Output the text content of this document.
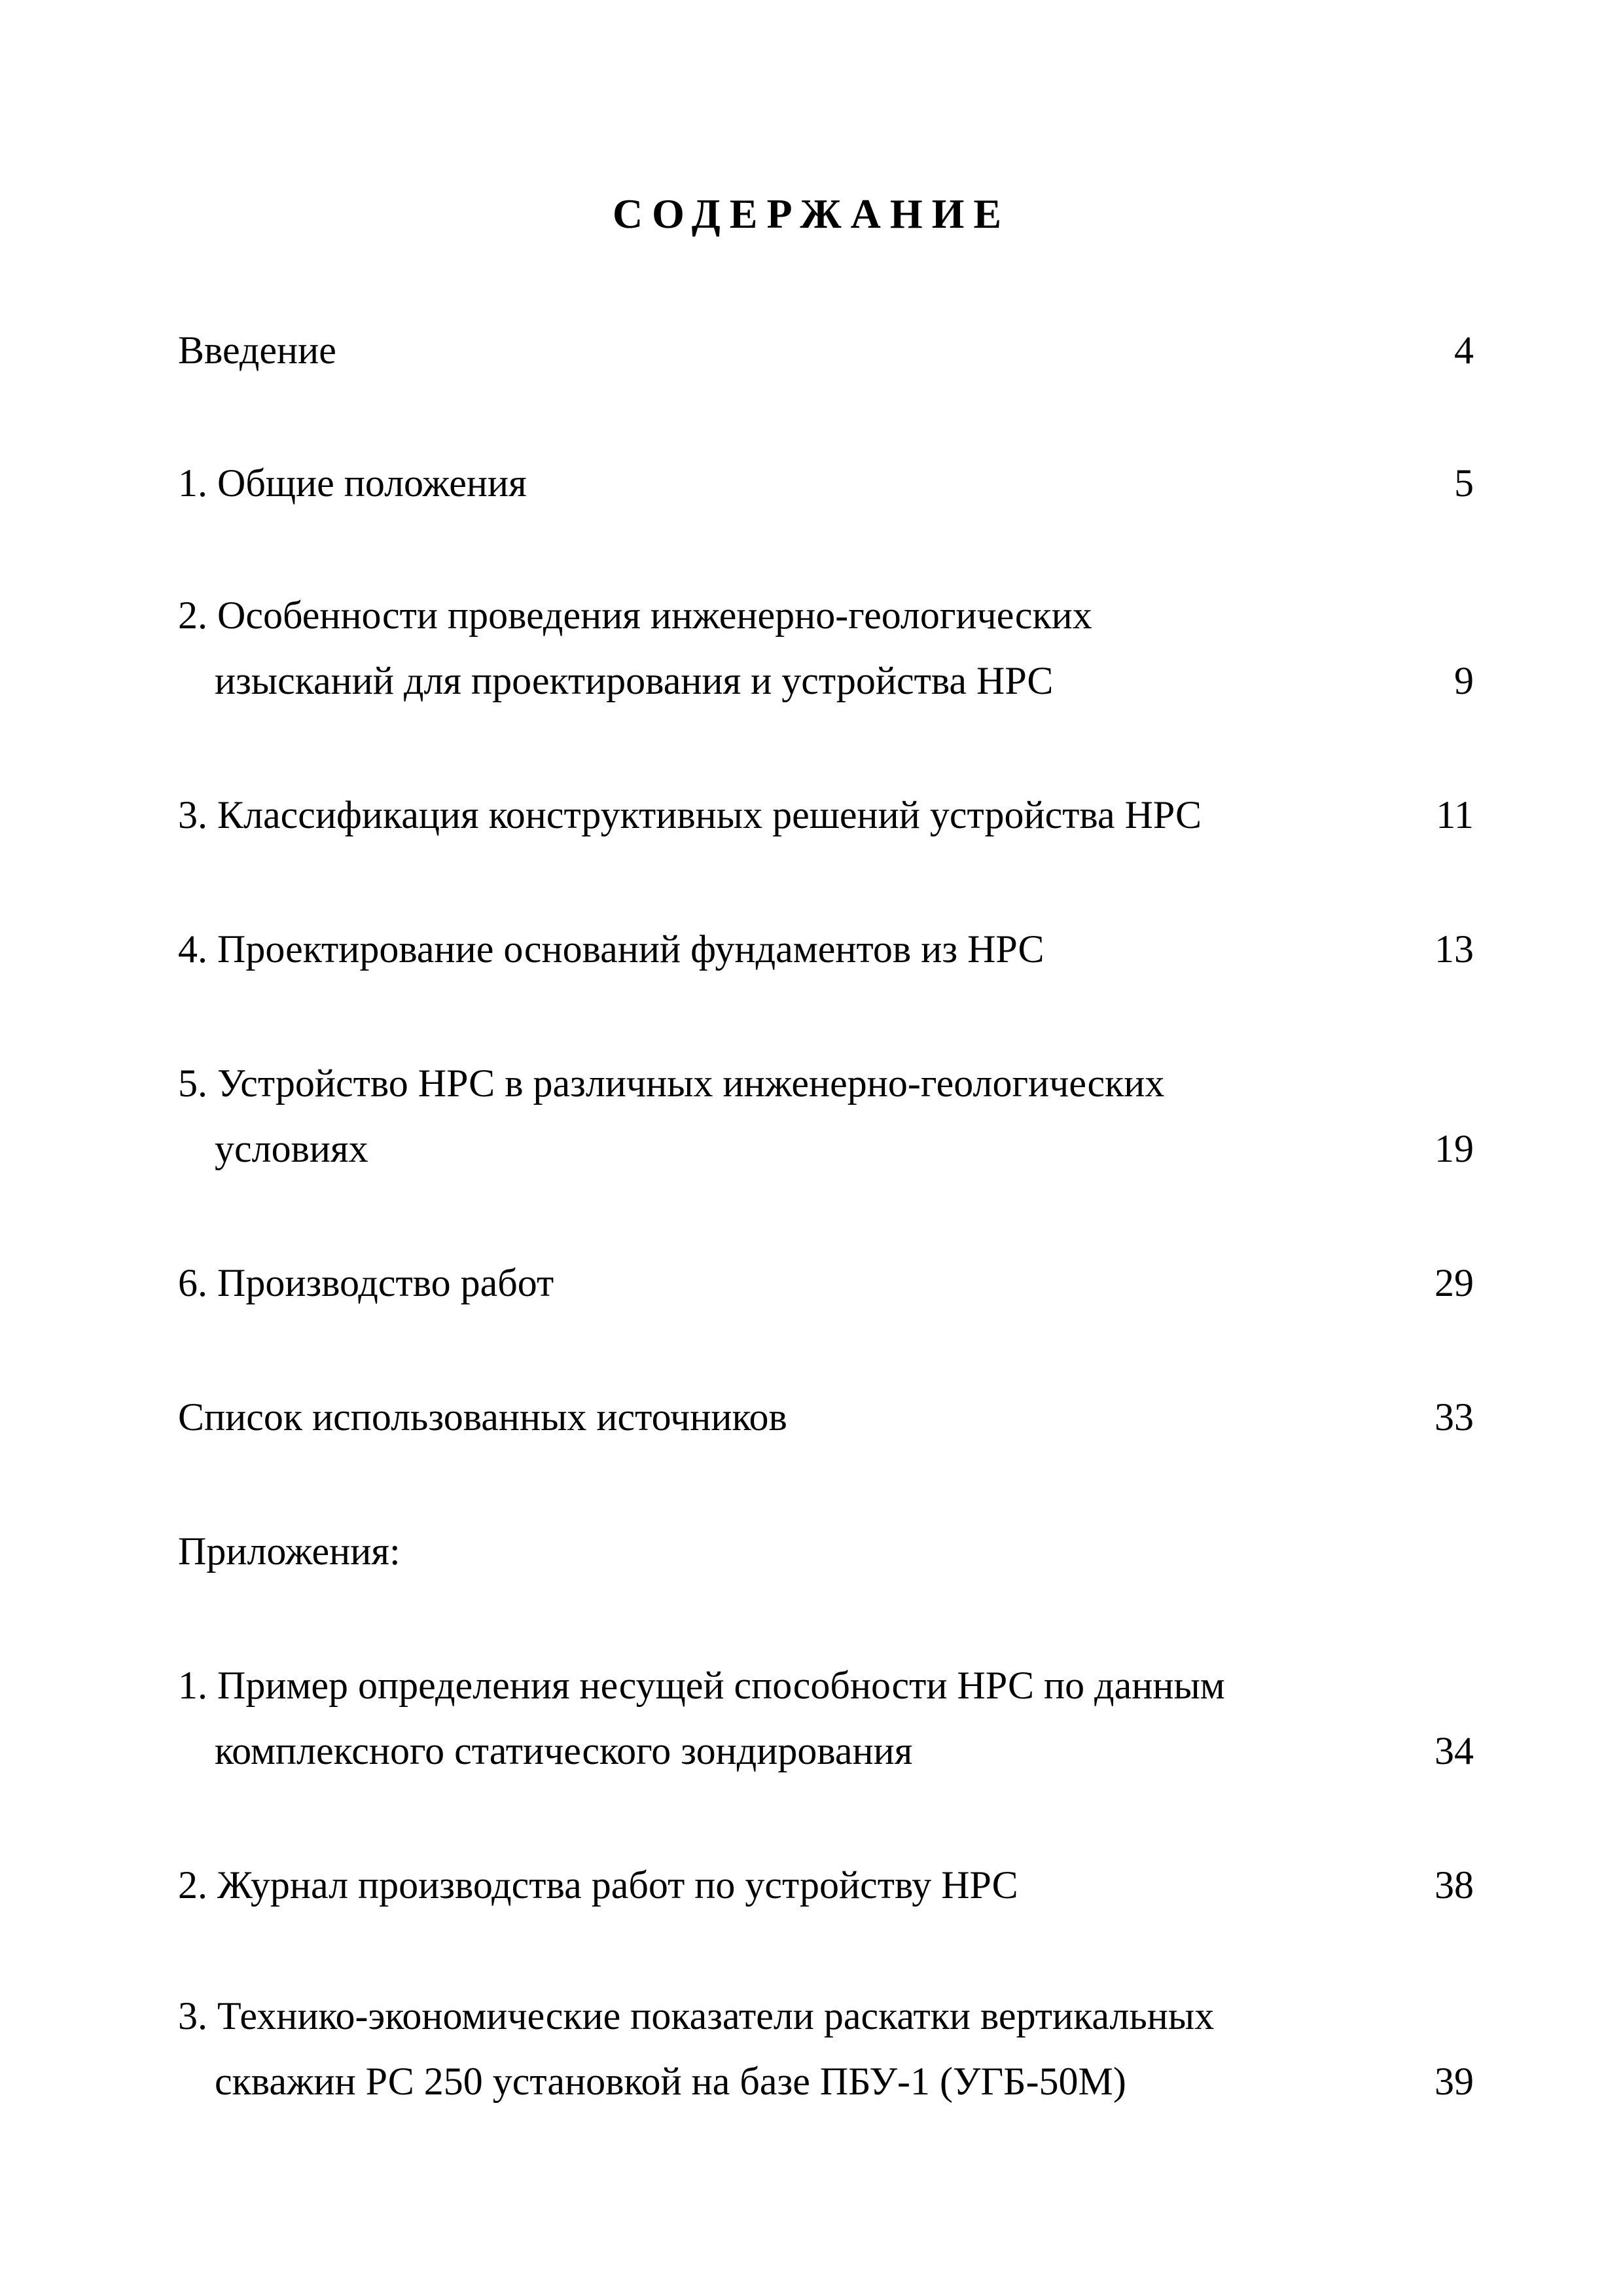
СОДЕРЖАНИЕ
Введение	4
1. Общие положения	5
2. Особенности проведения инженерно-геологических
изысканий для проектирования и устройства НРС	9
3. Классификация конструктивных решений устройства НРС	11
4. Проектирование оснований фундаментов из НРС	13
5. Устройство НРС в различных инженерно-геологических
условиях	19
6. Производство работ	29
Список использованных источников	33
Приложения:
1. Пример определения несущей способности НРС по данным
комплексного статического зондирования	34
2. Журнал производства работ по устройству НРС	38
3. Технико-экономические показатели раскатки вертикальных
скважин РС 250 установкой на базе ПБУ-1 (УГБ-50М)	39
